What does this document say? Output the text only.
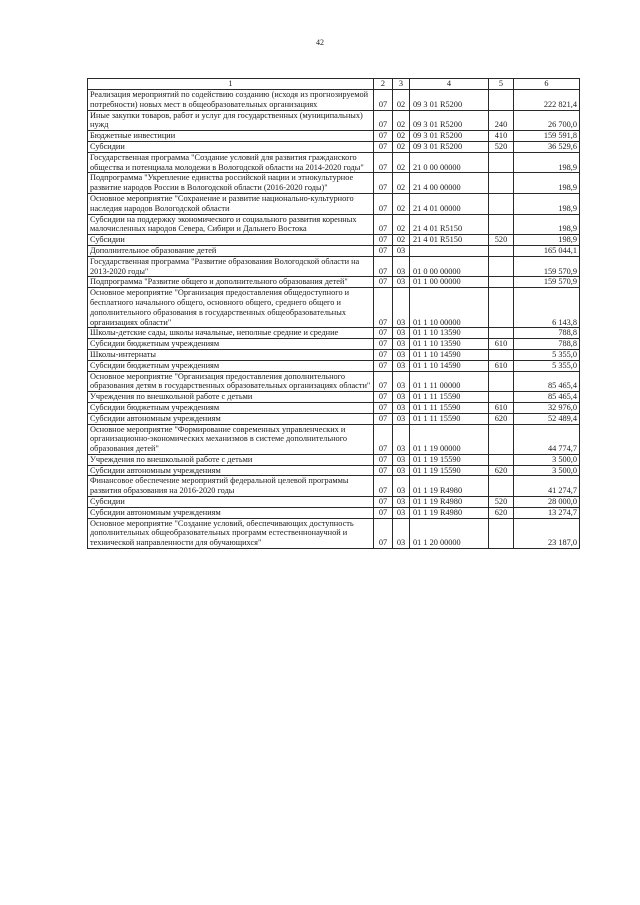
42
1	2	3	4	5	6
Реализация мероприятий по содействию созданию (исходя из прогнозируемой потребности) новых мест в общеобразовательных организациях	07	02	09 3 01 R5200		222 821,4
Иные закупки товаров, работ и услуг для государственных (муниципальных) нужд	07	02	09 3 01 R5200	240	26 700,0
Бюджетные инвестиции	07	02	09 3 01 R5200	410	159 591,8
Субсидии	07	02	09 3 01 R5200	520	36 529,6
Государственная программа "Создание условий для развития гражданского общества и потенциала молодежи в Вологодской области на 2014-2020 годы"	07	02	21 0 00 00000		198,9
Подпрограмма "Укрепление единства российской нации и этнокультурное развитие народов России в Вологодской области (2016-2020 годы)"	07	02	21 4 00 00000		198,9
Основное мероприятие "Сохранение и развитие национально-культурного наследия народов Вологодской области	07	02	21 4 01 00000		198,9
Субсидии на поддержку экономического и социального развития коренных малочисленных народов Севера, Сибири и Дальнего Востока	07	02	21 4 01 R5150		198,9
Субсидии	07	02	21 4 01 R5150	520	198,9
Дополнительное образование детей	07	03			165 044,1
Государственная программа "Развитие образования Вологодской области на 2013-2020 годы"	07	03	01 0 00 00000		159 570,9
Подпрограмма "Развитие общего и дополнительного образования детей"	07	03	01 1 00 00000		159 570,9
Основное мероприятие "Организация предоставления общедоступного и бесплатного начального общего, основного общего, среднего общего и дополнительного образования в государственных общеобразовательных организациях области"	07	03	01 1 10 00000		6 143,8
Школы-детские сады, школы начальные, неполные средние и средние	07	03	01 1 10 13590		788,8
Субсидии бюджетным учреждениям	07	03	01 1 10 13590	610	788,8
Школы-интернаты	07	03	01 1 10 14590		5 355,0
Субсидии бюджетным учреждениям	07	03	01 1 10 14590	610	5 355,0
Основное мероприятие "Организация предоставления дополнительного образования детям в государственных образовательных организациях области"	07	03	01 1 11 00000		85 465,4
Учреждения по внешкольной работе с детьми	07	03	01 1 11 15590		85 465,4
Субсидии бюджетным учреждениям	07	03	01 1 11 15590	610	32 976,0
Субсидии автономным учреждениям	07	03	01 1 11 15590	620	52 489,4
Основное мероприятие "Формирование современных управленческих и организационно-экономических механизмов в системе дополнительного образования детей"	07	03	01 1 19 00000		44 774,7
Учреждения по внешкольной работе с детьми	07	03	01 1 19 15590		3 500,0
Субсидии автономным учреждениям	07	03	01 1 19 15590	620	3 500,0
Финансовое обеспечение мероприятий федеральной целевой программы развития образования на 2016-2020 годы	07	03	01 1 19 R4980		41 274,7
Субсидии	07	03	01 1 19 R4980	520	28 000,0
Субсидии автономным учреждениям	07	03	01 1 19 R4980	620	13 274,7
Основное мероприятие "Создание условий, обеспечивающих доступность дополнительных общеобразовательных программ естественнонаучной и технической направленности для обучающихся"	07	03	01 1 20 00000		23 187,0
